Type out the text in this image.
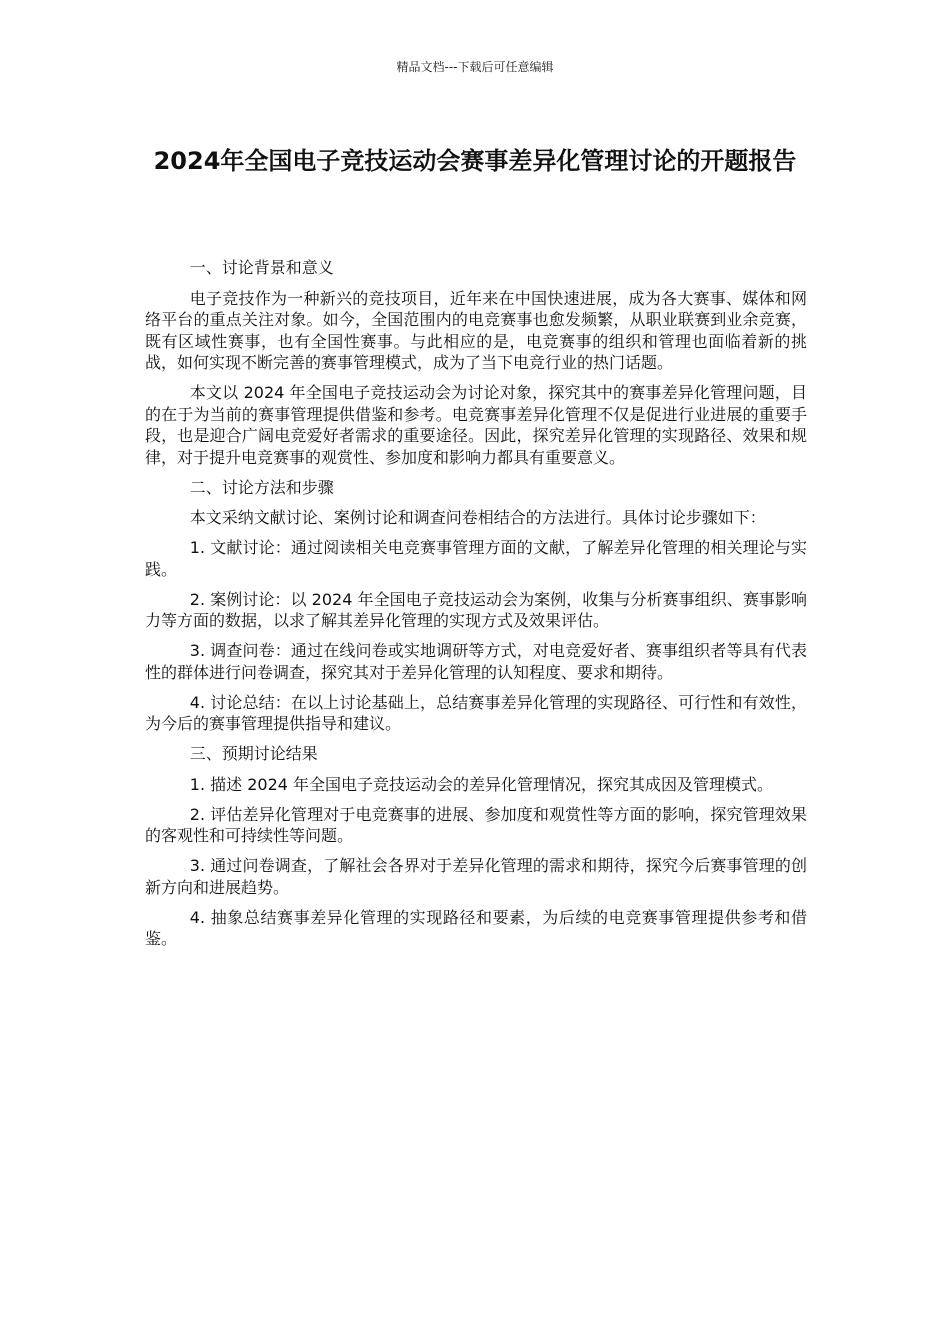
精品文档---下载后可任意编辑
2024年全国电子竞技运动会赛事差异化管理讨论的开题报告

一、讨论背景和意义

电子竞技作为一种新兴的竞技项目，近年来在中国快速进展，成为各大赛事、媒体和网络平台的重点关注对象。如今，全国范围内的电竞赛事也愈发频繁，从职业联赛到业余竞赛，既有区域性赛事，也有全国性赛事。与此相应的是，电竞赛事的组织和管理也面临着新的挑战，如何实现不断完善的赛事管理模式，成为了当下电竞行业的热门话题。

本文以 2024 年全国电子竞技运动会为讨论对象，探究其中的赛事差异化管理问题，目的在于为当前的赛事管理提供借鉴和参考。电竞赛事差异化管理不仅是促进行业进展的重要手段，也是迎合广阔电竞爱好者需求的重要途径。因此，探究差异化管理的实现路径、效果和规律，对于提升电竞赛事的观赏性、参加度和影响力都具有重要意义。

二、讨论方法和步骤

本文采纳文献讨论、案例讨论和调查问卷相结合的方法进行。具体讨论步骤如下：

1. 文献讨论：通过阅读相关电竞赛事管理方面的文献，了解差异化管理的相关理论与实践。

2. 案例讨论：以 2024 年全国电子竞技运动会为案例，收集与分析赛事组织、赛事影响力等方面的数据，以求了解其差异化管理的实现方式及效果评估。

3. 调查问卷：通过在线问卷或实地调研等方式，对电竞爱好者、赛事组织者等具有代表性的群体进行问卷调查，探究其对于差异化管理的认知程度、要求和期待。

4. 讨论总结：在以上讨论基础上，总结赛事差异化管理的实现路径、可行性和有效性，为今后的赛事管理提供指导和建议。

三、预期讨论结果

1. 描述 2024 年全国电子竞技运动会的差异化管理情况，探究其成因及管理模式。

2. 评估差异化管理对于电竞赛事的进展、参加度和观赏性等方面的影响，探究管理效果的客观性和可持续性等问题。

3. 通过问卷调查，了解社会各界对于差异化管理的需求和期待，探究今后赛事管理的创新方向和进展趋势。

4. 抽象总结赛事差异化管理的实现路径和要素，为后续的电竞赛事管理提供参考和借鉴。
